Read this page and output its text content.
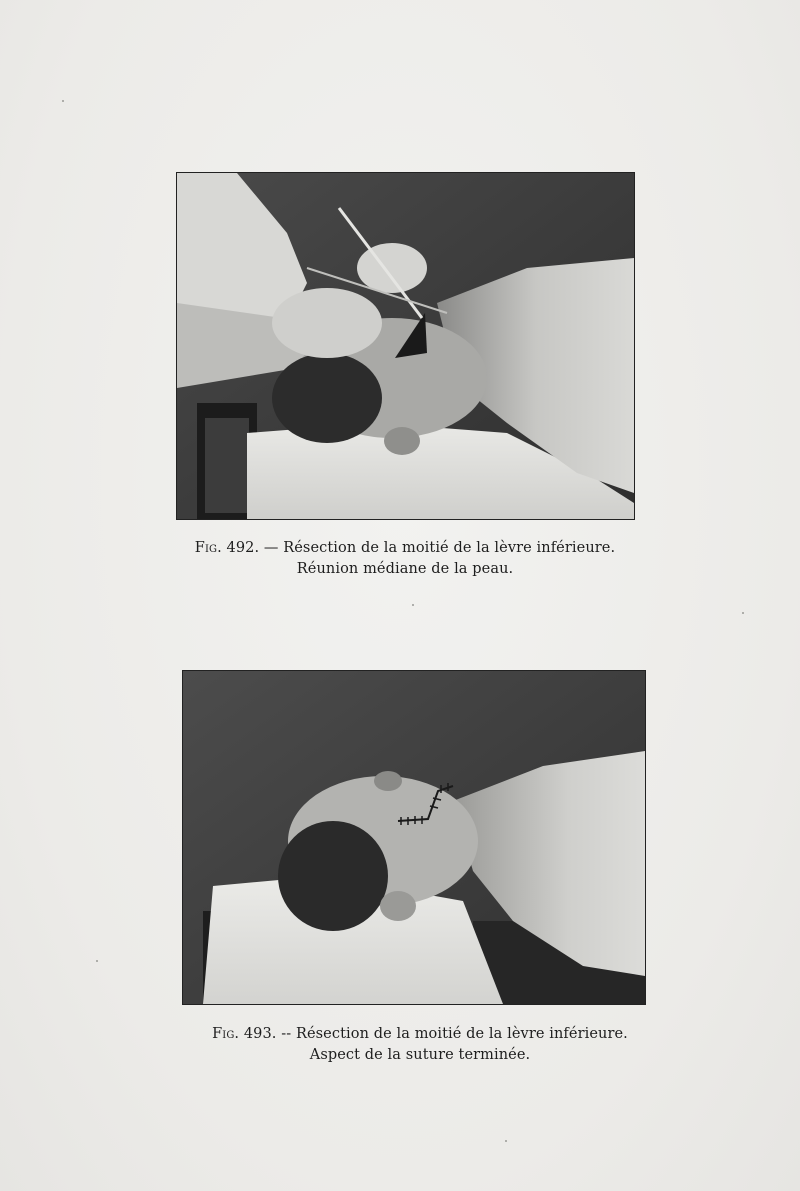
Fig. 492. — Résection de la moitié de la lèvre inférieure.
Réunion médiane de la peau.
Fig. 493. -- Résection de la moitié de la lèvre inférieure.
Aspect de la suture terminée.
